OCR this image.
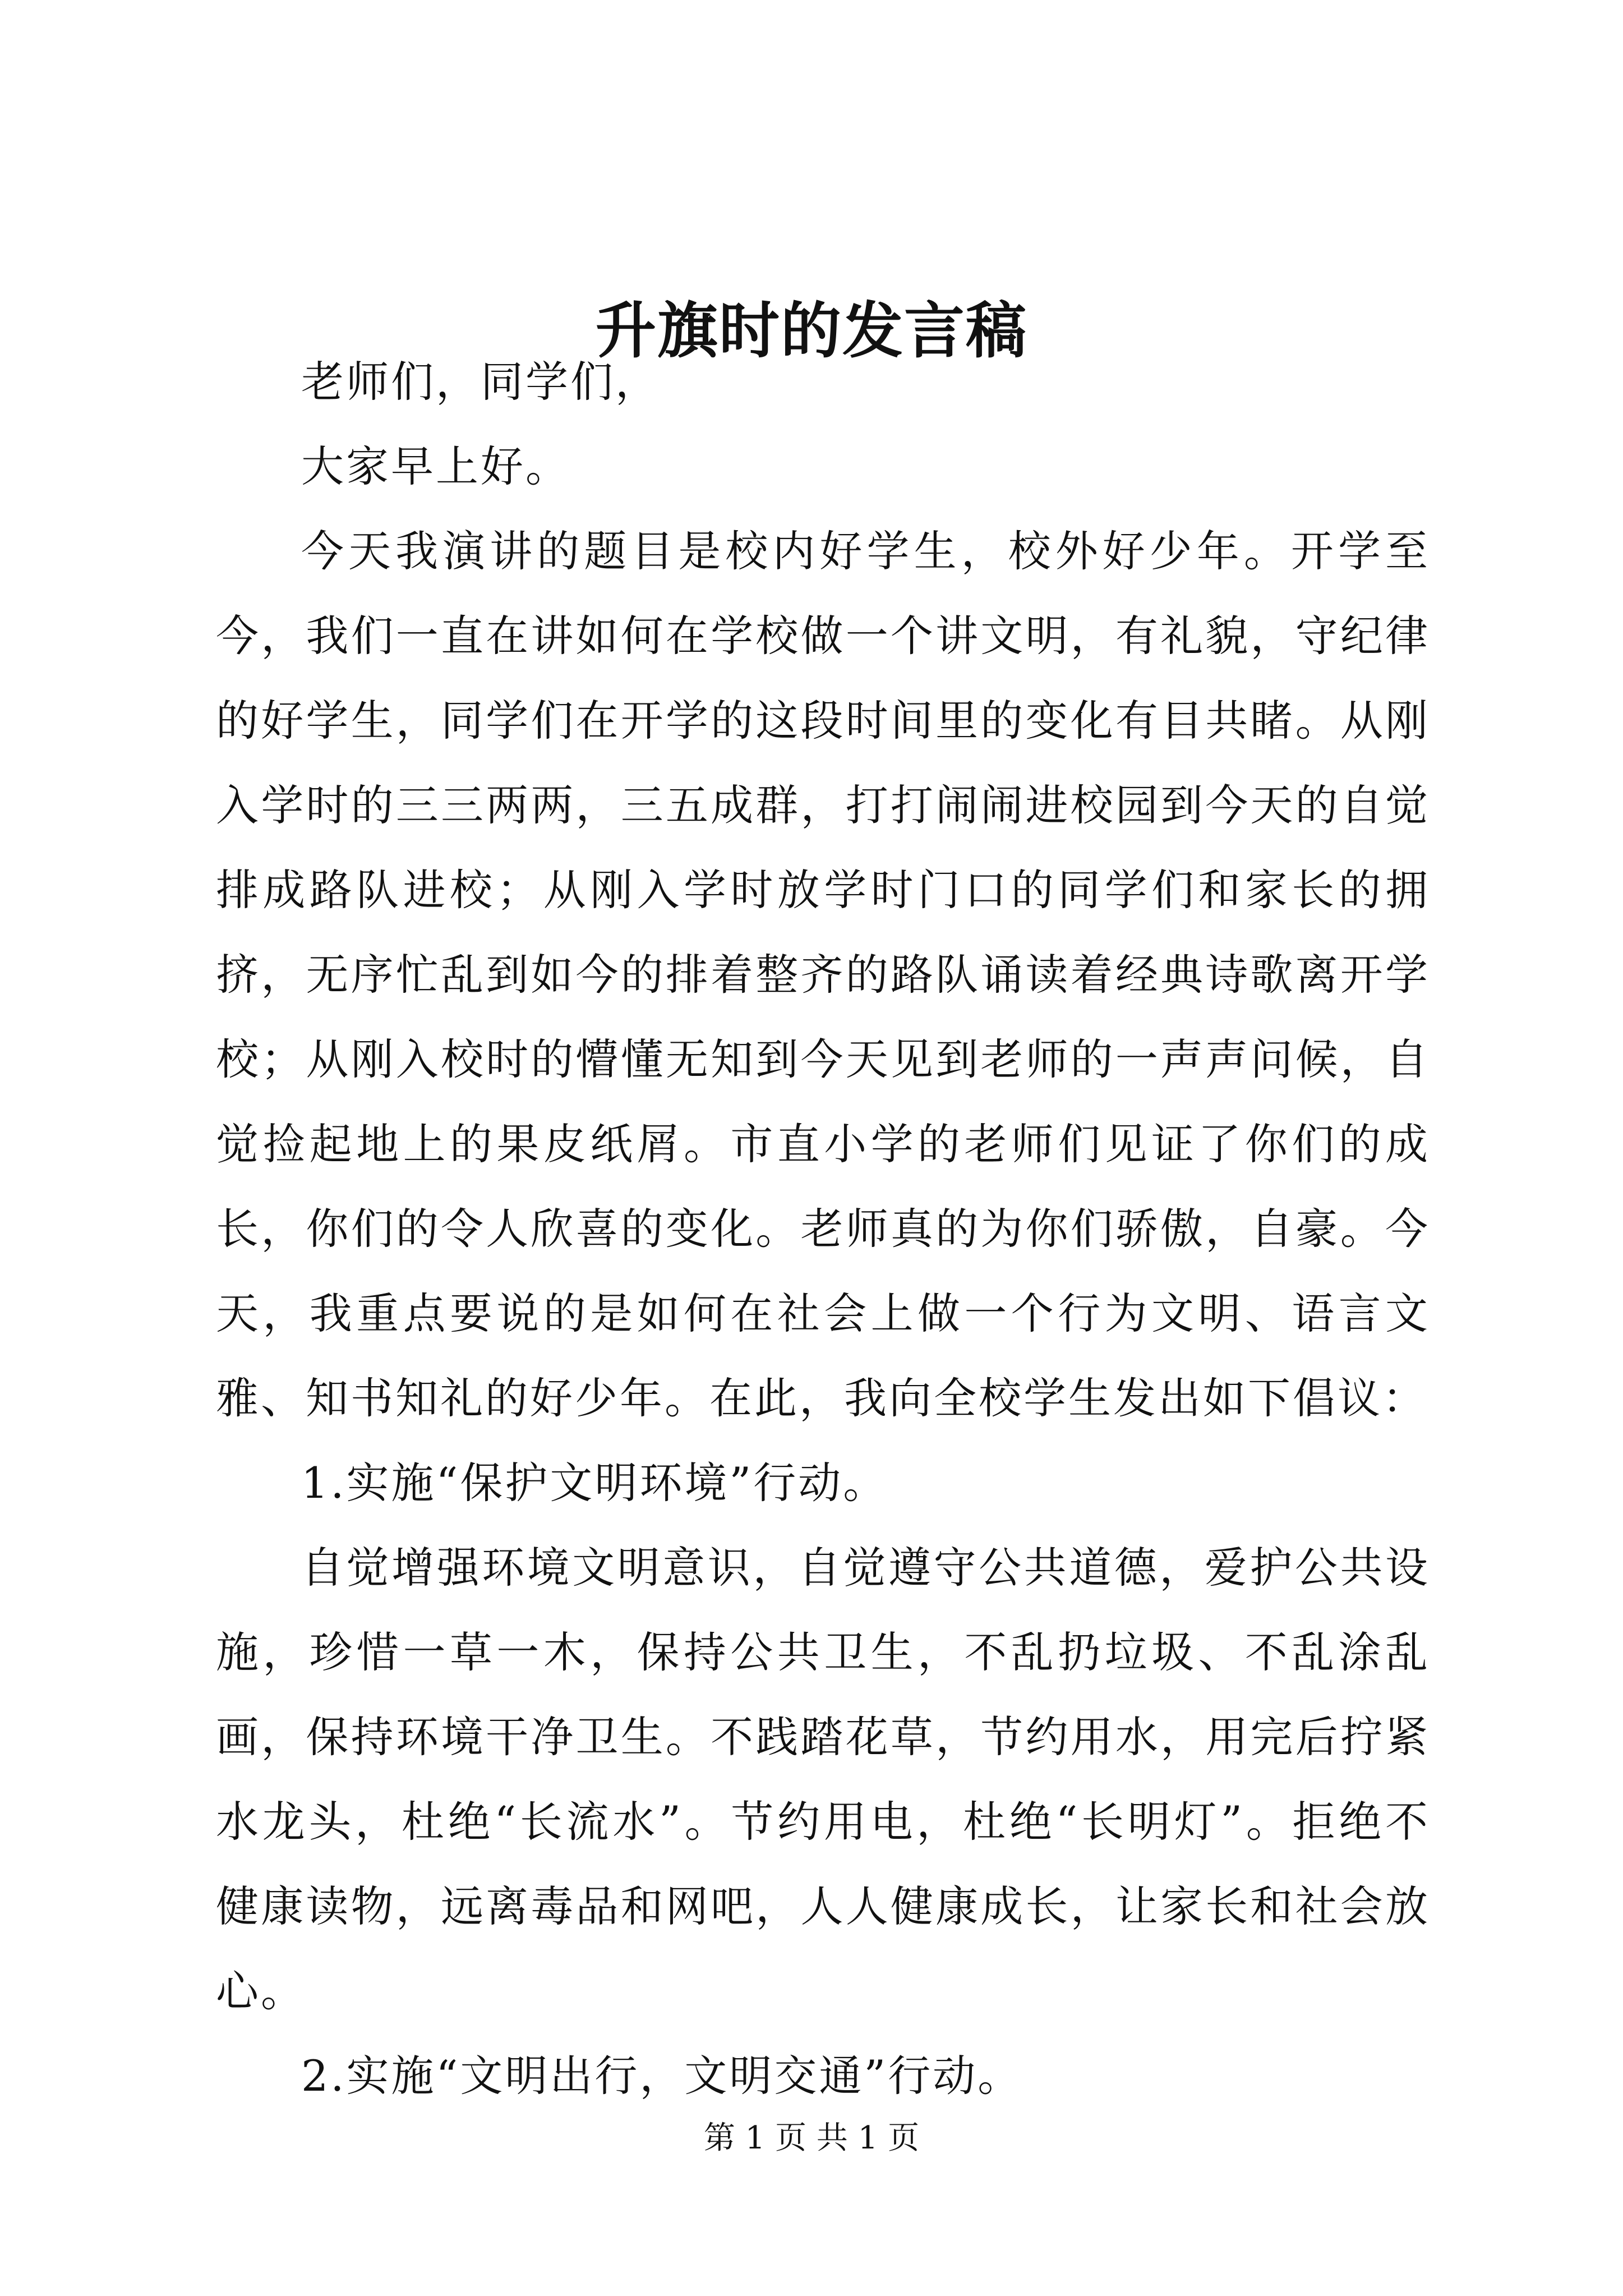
升旗时的发言稿

老师们，同学们，

大家早上好。

今天我演讲的题目是校内好学生，校外好少年。开学至今，我们一直在讲如何在学校做一个讲文明，有礼貌，守纪律的好学生，同学们在开学的这段时间里的变化有目共睹。从刚入学时的三三两两，三五成群，打打闹闹进校园到今天的自觉排成路队进校；从刚入学时放学时门口的同学们和家长的拥挤，无序忙乱到如今的排着整齐的路队诵读着经典诗歌离开学校；从刚入校时的懵懂无知到今天见到老师的一声声问候，自觉捡起地上的果皮纸屑。市直小学的老师们见证了你们的成长，你们的令人欣喜的变化。老师真的为你们骄傲，自豪。今天，我重点要说的是如何在社会上做一个行为文明、语言文雅、知书知礼的好少年。在此，我向全校学生发出如下倡议：

1.实施“保护文明环境”行动。

自觉增强环境文明意识，自觉遵守公共道德，爱护公共设施，珍惜一草一木，保持公共卫生，不乱扔垃圾、不乱涂乱画，保持环境干净卫生。不践踏花草，节约用水，用完后拧紧水龙头，杜绝“长流水”。节约用电，杜绝“长明灯”。拒绝不健康读物，远离毒品和网吧，人人健康成长，让家长和社会放心。

2.实施“文明出行，文明交通”行动。

第 1 页 共 1 页
